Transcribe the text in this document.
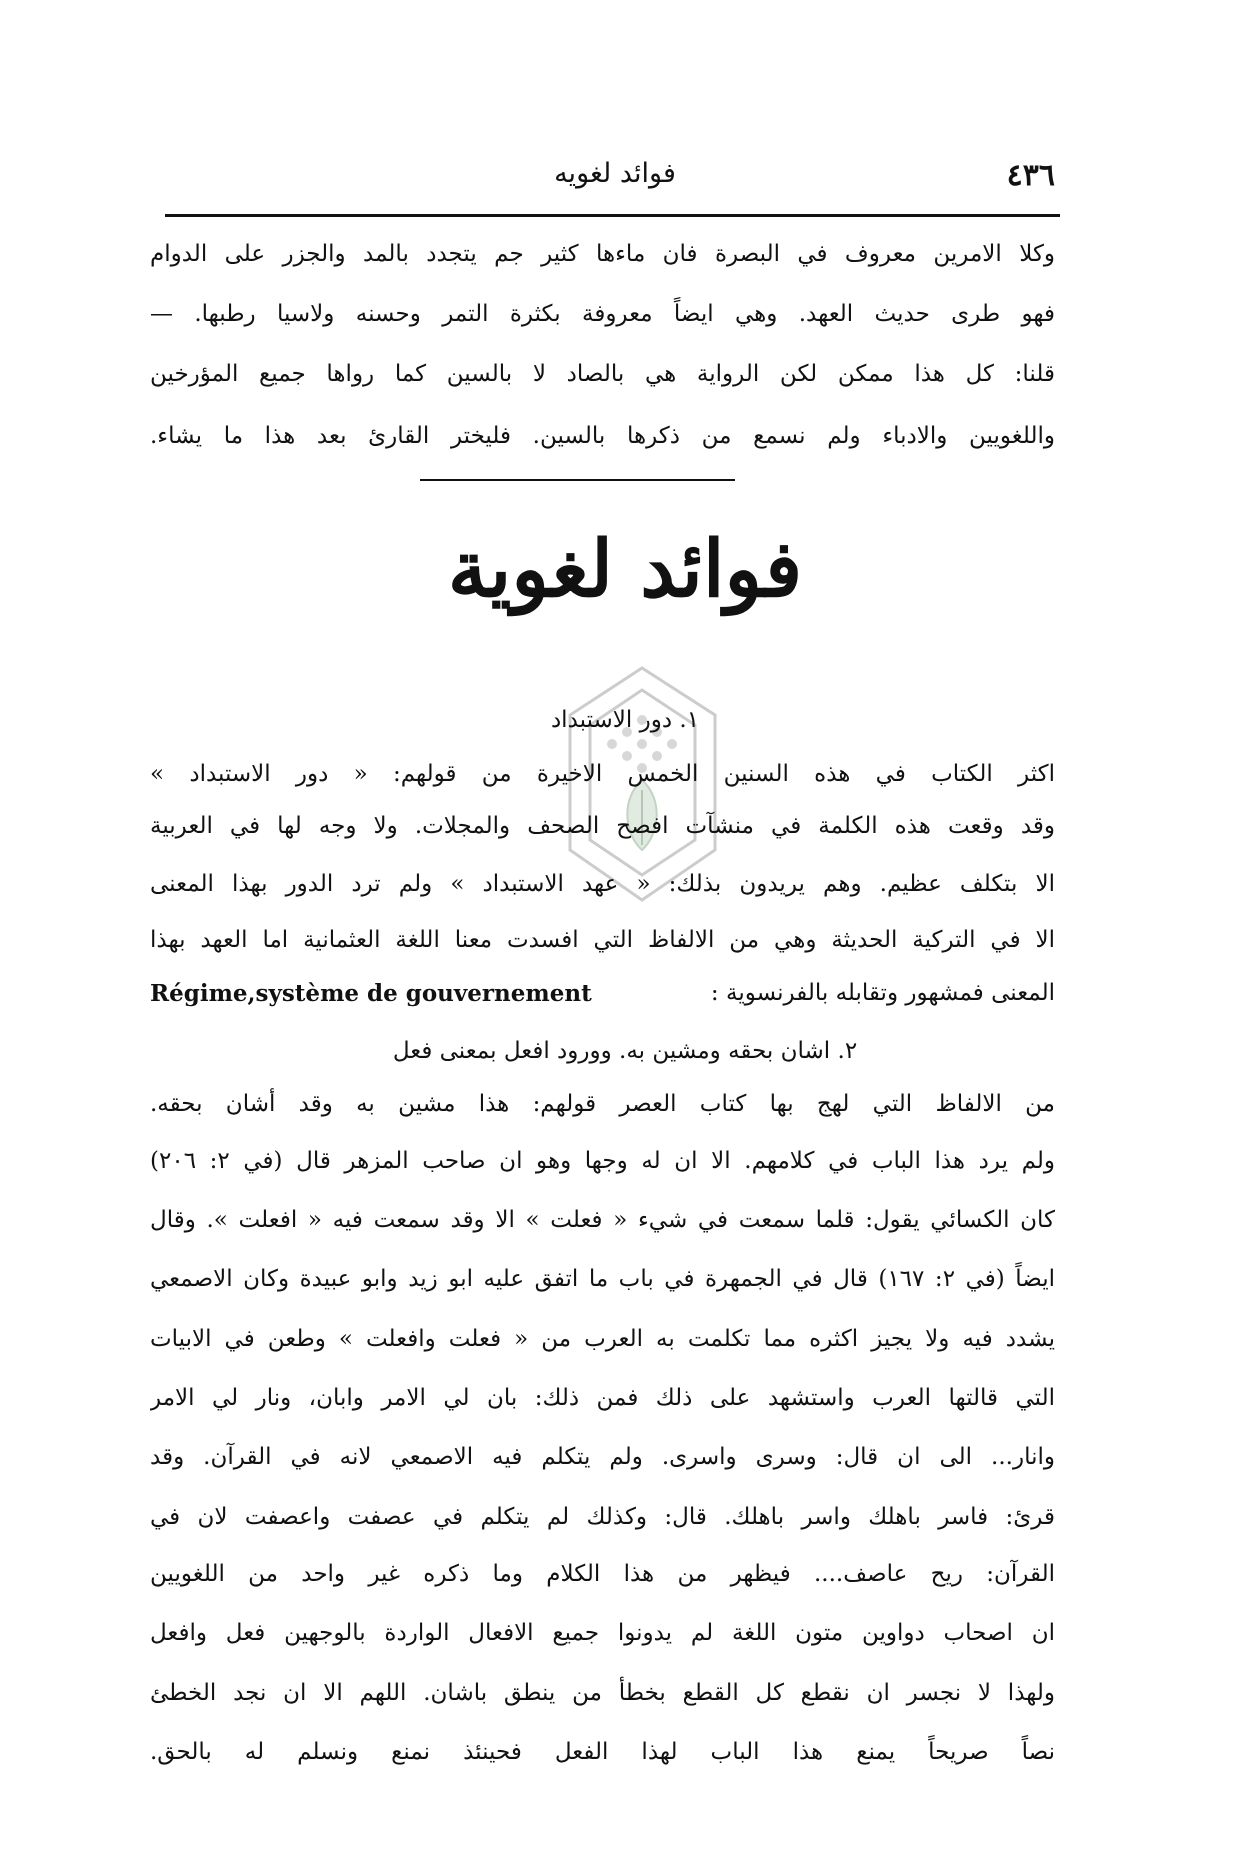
٤٣٦
فوائد لغويه
وكلا الامرين معروف في البصرة فان ماءها كثير جم يتجدد بالمد والجزر على الدوام
فهو طرى حديث العهد. وهي ايضاً معروفة بكثرة التمر وحسنه ولاسيا رطبها. —
قلنا: كل هذا ممكن لكن الرواية هي بالصاد لا بالسين كما رواها جميع المؤرخين
واللغويين والادباء ولم نسمع من ذكرها بالسين. فليختر القارئ بعد هذا ما يشاء.
فوائد لغوية
١. دور الاستبداد
اكثر الكتاب في هذه السنين الخمس الاخيرة من قولهم: « دور الاستبداد »
وقد وقعت هذه الكلمة في منشآت افصح الصحف والمجلات. ولا وجه لها في العربية
الا بتكلف عظيم. وهم يريدون بذلك: « عهد الاستبداد » ولم ترد الدور بهذا المعنى
الا في التركية الحديثة وهي من الالفاظ التي افسدت معنا اللغة العثمانية اما العهد بهذا
Régime,système de gouvernement	المعنى فمشهور وتقابله بالفرنسوية :
٢. اشان بحقه ومشين به. وورود افعل بمعنى فعل
من الالفاظ التي لهج بها كتاب العصر قولهم: هذا مشين به وقد أشان بحقه.
ولم يرد هذا الباب في كلامهم. الا ان له وجها وهو ان صاحب المزهر قال (في ٢: ٢٠٦)
كان الكسائي يقول: قلما سمعت في شيء « فعلت » الا وقد سمعت فيه « افعلت ». وقال
ايضاً (في ٢: ١٦٧) قال في الجمهرة في باب ما اتفق عليه ابو زيد وابو عبيدة وكان الاصمعي
يشدد فيه ولا يجيز اكثره مما تكلمت به العرب من « فعلت وافعلت » وطعن في الابيات
التي قالتها العرب واستشهد على ذلك فمن ذلك: بان لي الامر وابان، ونار لي الامر
وانار... الى ان قال: وسرى واسرى. ولم يتكلم فيه الاصمعي لانه في القرآن. وقد
قرئ: فاسر باهلك واسر باهلك. قال: وكذلك لم يتكلم في عصفت واعصفت لان في
القرآن: ريح عاصف.... فيظهر من هذا الكلام وما ذكره غير واحد من اللغويين
ان اصحاب دواوين متون اللغة لم يدونوا جميع الافعال الواردة بالوجهين فعل وافعل
ولهذا لا نجسر ان نقطع كل القطع بخطأ من ينطق باشان. اللهم الا ان نجد الخطئ
نصاً صريحاً يمنع هذا الباب لهذا الفعل فحينئذ نمنع ونسلم له بالحق.
